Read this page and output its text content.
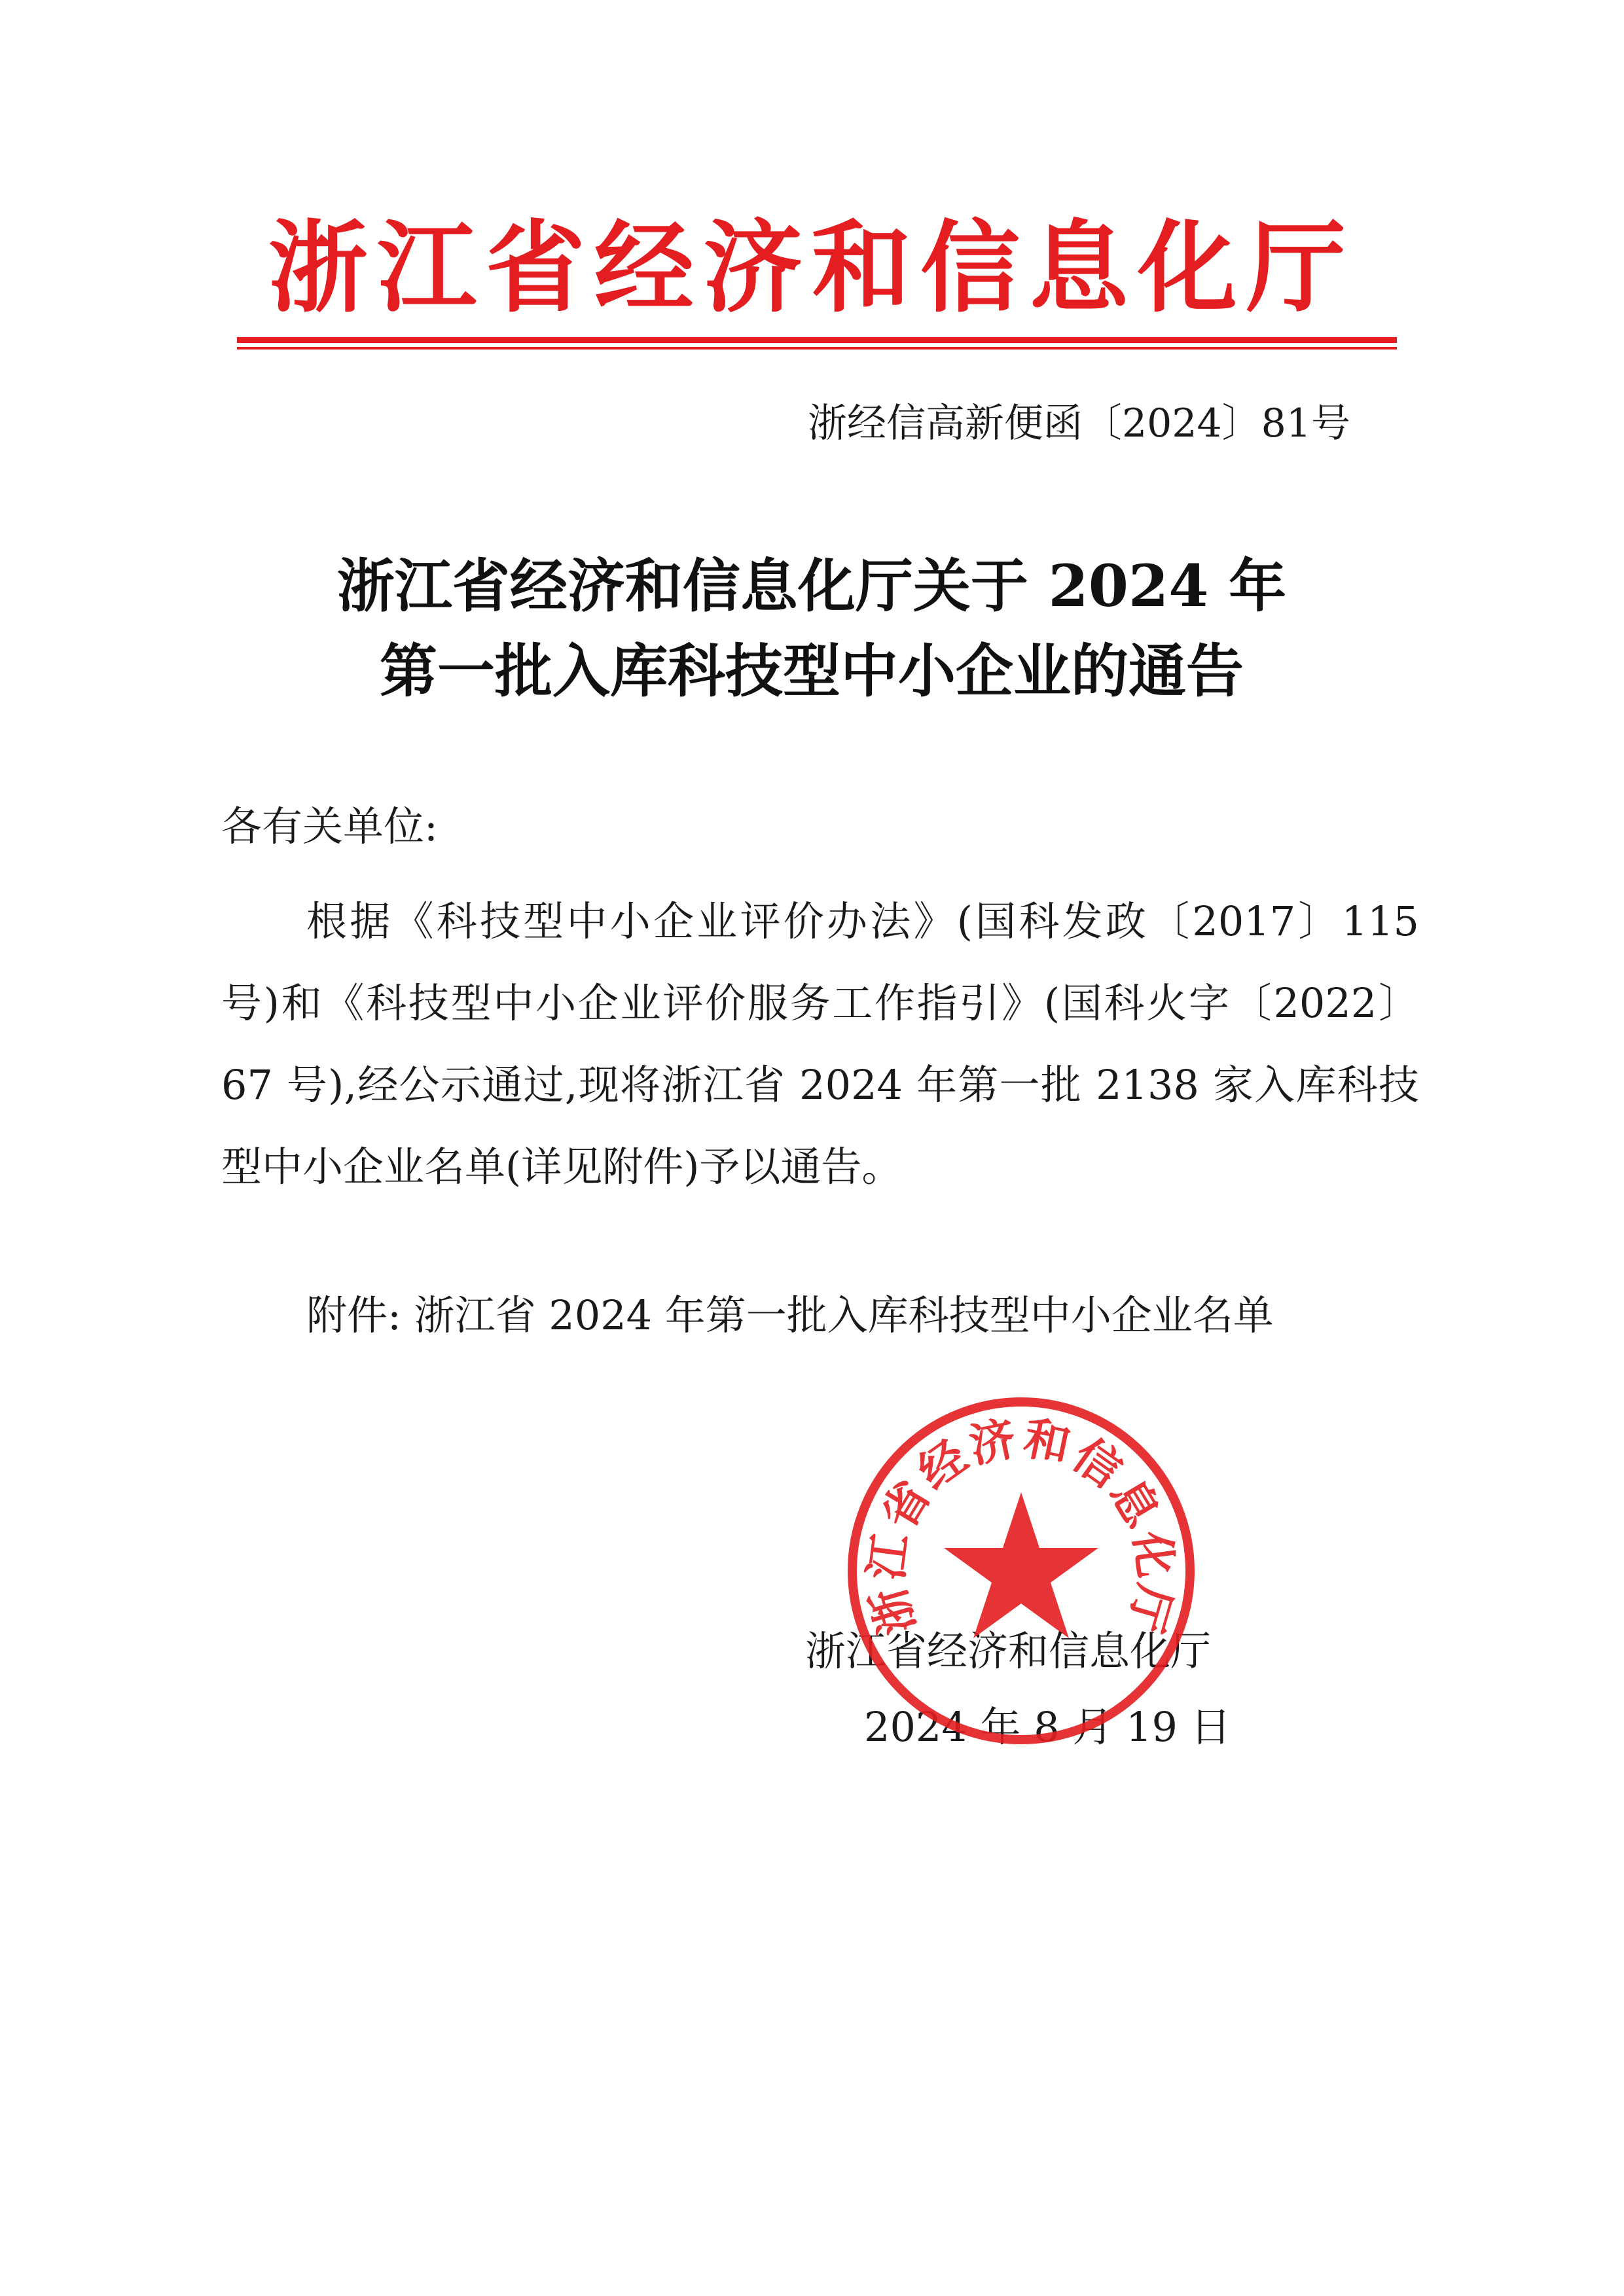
浙江省经济和信息化厅
浙经信高新便函〔2024〕81号
浙江省经济和信息化厅关于 2024 年
第一批入库科技型中小企业的通告
各有关单位:
根据《科技型中小企业评价办法》(国科发政〔2017〕115 号)和《科技型中小企业评价服务工作指引》(国科火字〔2022〕67 号),经公示通过,现将浙江省 2024 年第一批 2138 家入库科技型中小企业名单(详见附件)予以通告。
附件: 浙江省 2024 年第一批入库科技型中小企业名单
浙江省经济和信息化厅
2024 年 8 月 19 日
浙江省经济和信息化厅
